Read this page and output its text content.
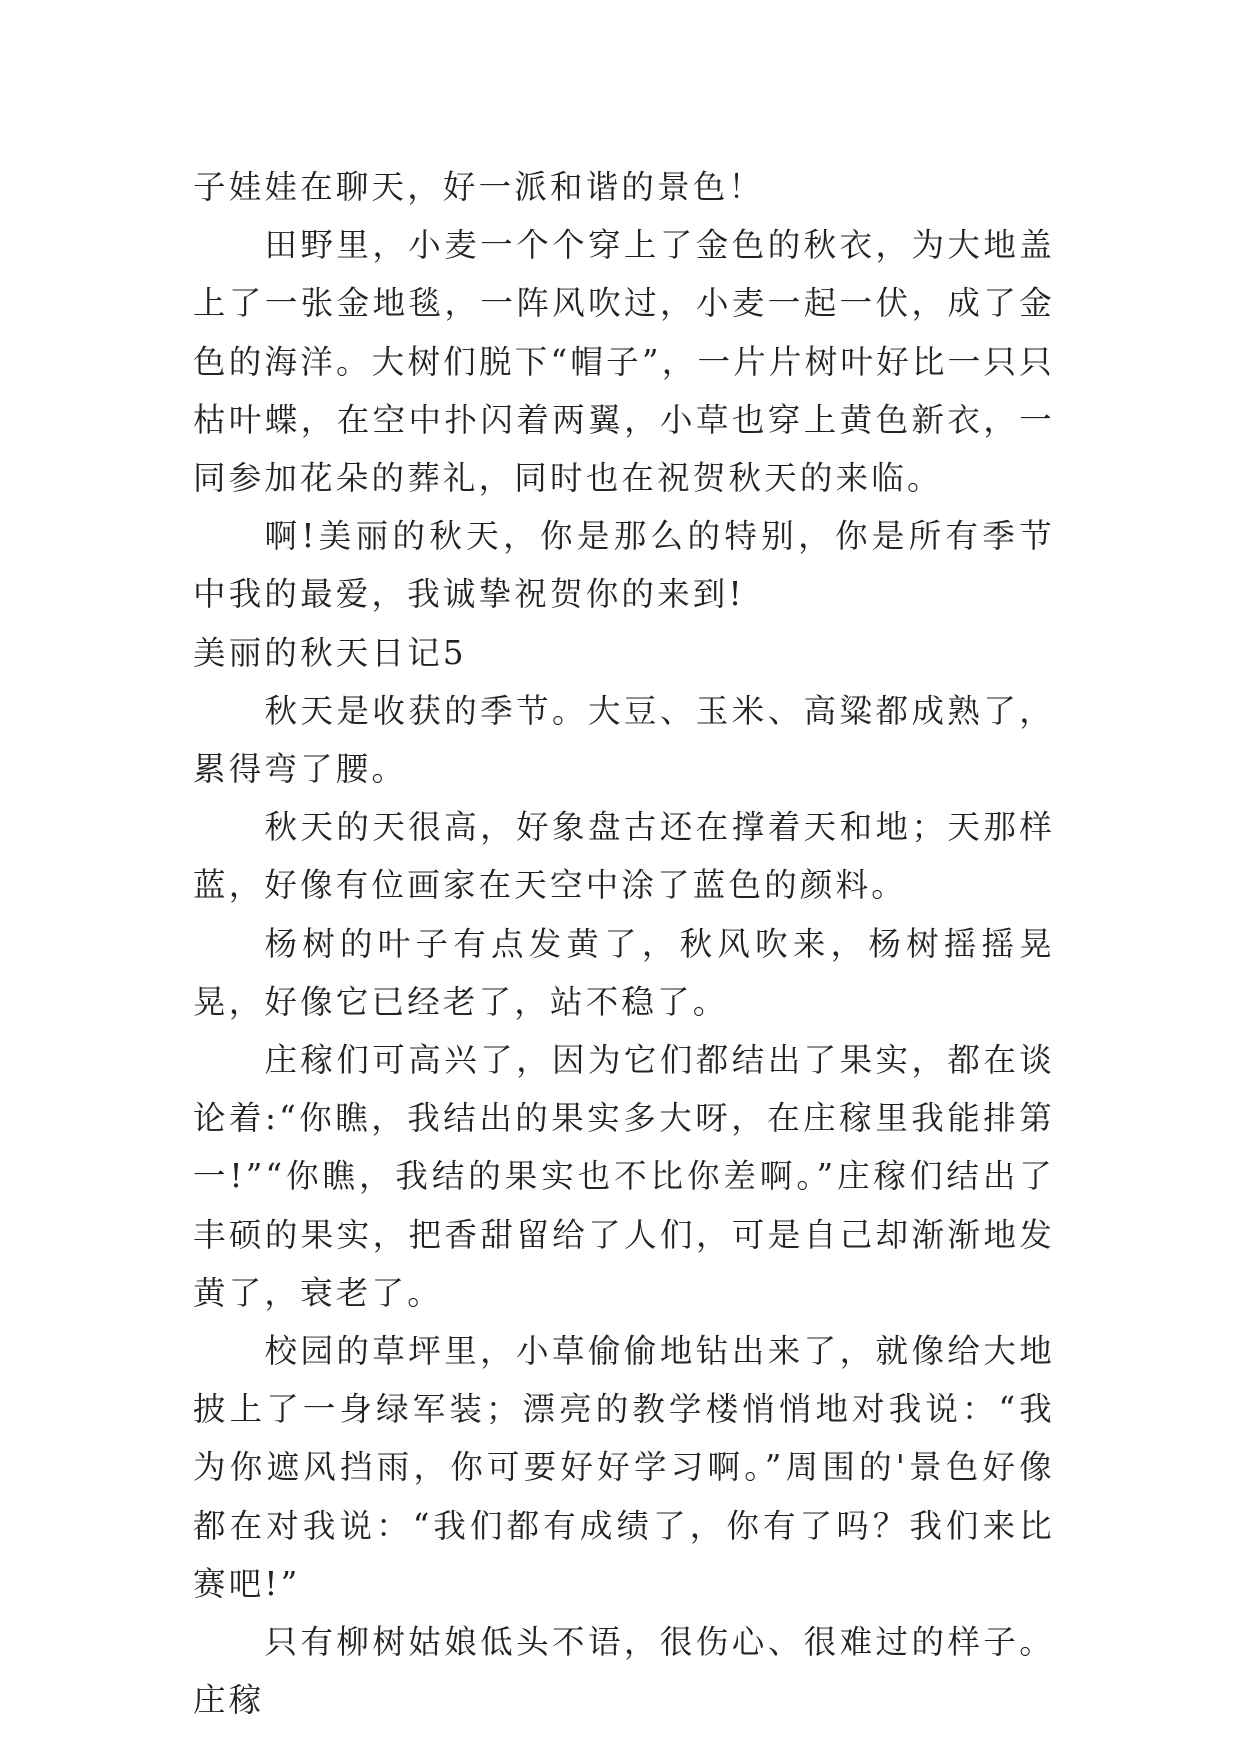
子娃娃在聊天，好一派和谐的景色！

田野里，小麦一个个穿上了金色的秋衣，为大地盖上了一张金地毯，一阵风吹过，小麦一起一伏，成了金色的海洋。大树们脱下“帽子”，一片片树叶好比一只只枯叶蝶，在空中扑闪着两翼，小草也穿上黄色新衣，一同参加花朵的葬礼，同时也在祝贺秋天的来临。

啊!美丽的秋天，你是那么的特别，你是所有季节中我的最爱，我诚挚祝贺你的来到!

美丽的秋天日记5

秋天是收获的季节。大豆、玉米、高粱都成熟了，累得弯了腰。

秋天的天很高，好象盘古还在撑着天和地；天那样蓝，好像有位画家在天空中涂了蓝色的颜料。

杨树的叶子有点发黄了，秋风吹来，杨树摇摇晃晃，好像它已经老了，站不稳了。

庄稼们可高兴了，因为它们都结出了果实，都在谈论着:“你瞧，我结出的果实多大呀，在庄稼里我能排第一!”“你瞧，我结的果实也不比你差啊。”庄稼们结出了丰硕的果实，把香甜留给了人们，可是自己却渐渐地发黄了，衰老了。

校园的草坪里，小草偷偷地钻出来了，就像给大地披上了一身绿军装；漂亮的教学楼悄悄地对我说：“我为你遮风挡雨，你可要好好学习啊。”周围的'景色好像都在对我说：“我们都有成绩了，你有了吗？我们来比赛吧!”

只有柳树姑娘低头不语，很伤心、很难过的样子。庄稼
